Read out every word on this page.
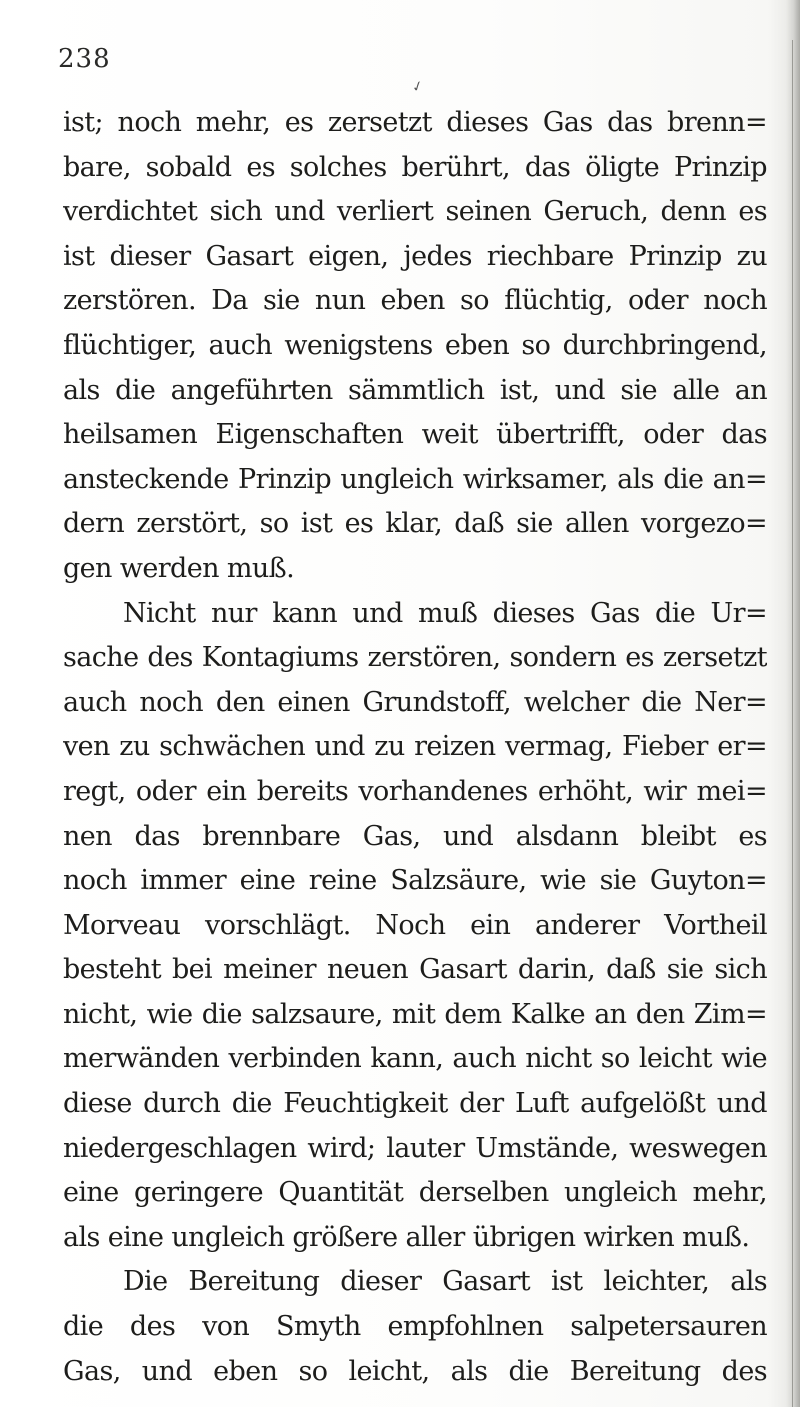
238
✓
ist; noch mehr, es zersetzt dieses Gas das brenn=
bare, sobald es solches berührt, das öligte Prinzip
verdichtet sich und verliert seinen Geruch, denn es
ist dieser Gasart eigen, jedes riechbare Prinzip zu
zerstören. Da sie nun eben so flüchtig, oder noch
flüchtiger, auch wenigstens eben so durchbringend,
als die angeführten sämmtlich ist, und sie alle an
heilsamen Eigenschaften weit übertrifft, oder das
ansteckende Prinzip ungleich wirksamer, als die an=
dern zerstört, so ist es klar, daß sie allen vorgezo=
gen werden muß.
Nicht nur kann und muß dieses Gas die Ur=
sache des Kontagiums zerstören, sondern es zersetzt
auch noch den einen Grundstoff, welcher die Ner=
ven zu schwächen und zu reizen vermag, Fieber er=
regt, oder ein bereits vorhandenes erhöht, wir mei=
nen das brennbare Gas, und alsdann bleibt es
noch immer eine reine Salzsäure, wie sie Guyton=
Morveau vorschlägt. Noch ein anderer Vortheil
besteht bei meiner neuen Gasart darin, daß sie sich
nicht, wie die salzsaure, mit dem Kalke an den Zim=
merwänden verbinden kann, auch nicht so leicht wie
diese durch die Feuchtigkeit der Luft aufgelößt und
niedergeschlagen wird; lauter Umstände, weswegen
eine geringere Quantität derselben ungleich mehr,
als eine ungleich größere aller übrigen wirken muß.
Die Bereitung dieser Gasart ist leichter, als
die des von Smyth empfohlnen salpetersauren
Gas, und eben so leicht, als die Bereitung des
